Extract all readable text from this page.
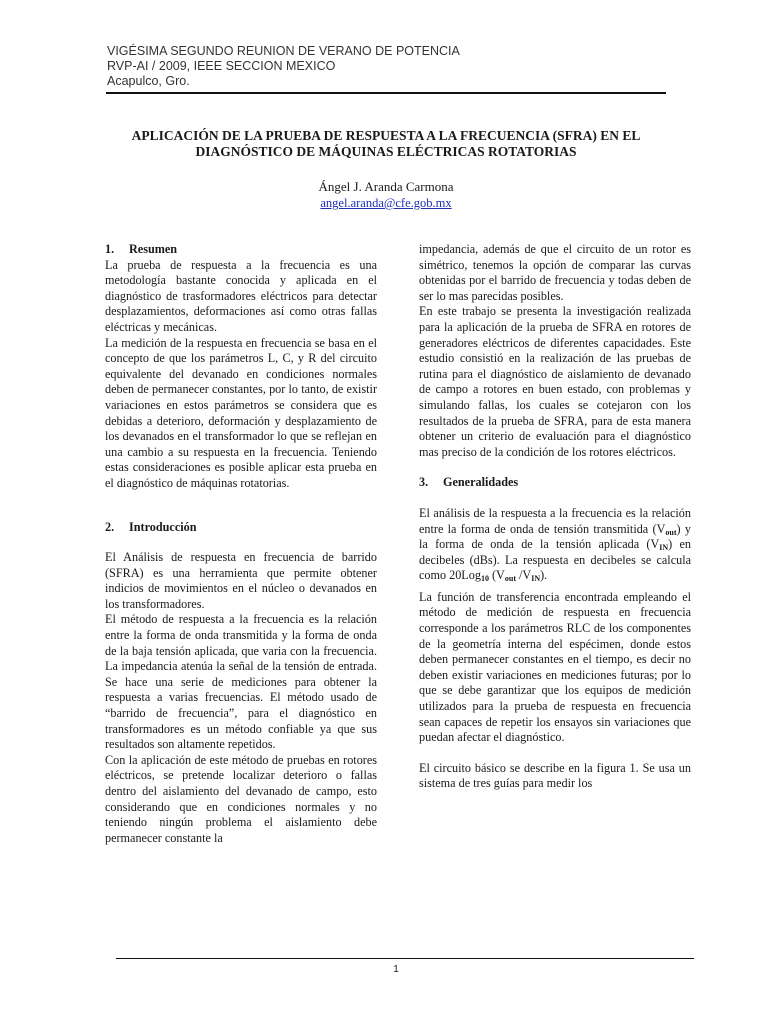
VIGÉSIMA SEGUNDO REUNION DE VERANO DE POTENCIA
RVP-AI / 2009, IEEE SECCION MEXICO
Acapulco, Gro.
APLICACIÓN DE LA PRUEBA DE RESPUESTA A LA FRECUENCIA (SFRA) EN EL
DIAGNÓSTICO DE MÁQUINAS ELÉCTRICAS ROTATORIAS
Ángel J. Aranda Carmona
angel.aranda@cfe.gob.mx
1. Resumen

La prueba de respuesta a la frecuencia es una metodología bastante conocida y aplicada en el diagnóstico de trasformadores eléctricos para detectar desplazamientos, deformaciones así como otras fallas eléctricas y mecánicas.

La medición de la respuesta en frecuencia se basa en el concepto de que los parámetros L, C, y R del circuito equivalente del devanado en condiciones normales deben de permanecer constantes, por lo tanto, de existir variaciones en estos parámetros se considera que es debidas a deterioro, deformación y desplazamiento de los devanados en el transformador lo que se reflejan en una cambio a su respuesta en la frecuencia. Teniendo estas consideraciones es posible aplicar esta prueba en el diagnóstico de máquinas rotatorias.

2. Introducción

El Análisis de respuesta en frecuencia de barrido (SFRA) es una herramienta que permite obtener indicios de movimientos en el núcleo o devanados en los transformadores.

El método de respuesta a la frecuencia es la relación entre la forma de onda transmitida y la forma de onda de la baja tensión aplicada, que varia con la frecuencia. La impedancia atenúa la señal de la tensión de entrada. Se hace una serie de mediciones para obtener la respuesta a varias frecuencias. El método usado de “barrido de frecuencia”, para el diagnóstico en transformadores es un método confiable ya que sus resultados son altamente repetidos.

Con la aplicación de este método de pruebas en rotores eléctricos, se pretende localizar deterioro o fallas dentro del aislamiento del devanado de campo, esto considerando que en condiciones normales y no teniendo ningún problema el aislamiento debe permanecer constante la

impedancia, además de que el circuito de un rotor es simétrico, tenemos la opción de comparar las curvas obtenidas por el barrido de frecuencia y todas deben de ser lo mas parecidas posibles.

En este trabajo se presenta la investigación realizada para la aplicación de la prueba de SFRA en rotores de generadores eléctricos de diferentes capacidades. Este estudio consistió en la realización de las pruebas de rutina para el diagnóstico de aislamiento de devanado de campo a rotores en buen estado, con problemas y simulando fallas, los cuales se cotejaron con los resultados de la prueba de SFRA, para de esta manera obtener un criterio de evaluación para el diagnóstico mas preciso de la condición de los rotores eléctricos.

3. Generalidades

El análisis de la respuesta a la frecuencia es la relación entre la forma de onda de tensión transmitida $(V_{out})$ y la forma de onda de la tensión aplicada $(V_{IN})$ en decibeles (dBs). La respuesta en decibeles se calcula como 20Log$_{10}$ ($V_{out}$ $/V_{IN}$).

La función de transferencia encontrada empleando el método de medición de respuesta en frecuencia corresponde a los parámetros RLC de los componentes de la geometría interna del espécimen, donde estos deben permanecer constantes en el tiempo, es decir no deben existir variaciones en mediciones futuras; por lo que se debe garantizar que los equipos de medición utilizados para la prueba de respuesta en frecuencia sean capaces de repetir los ensayos sin variaciones que puedan afectar el diagnóstico.

El circuito básico se describe en la figura 1. Se usa un sistema de tres guías para medir los

1
